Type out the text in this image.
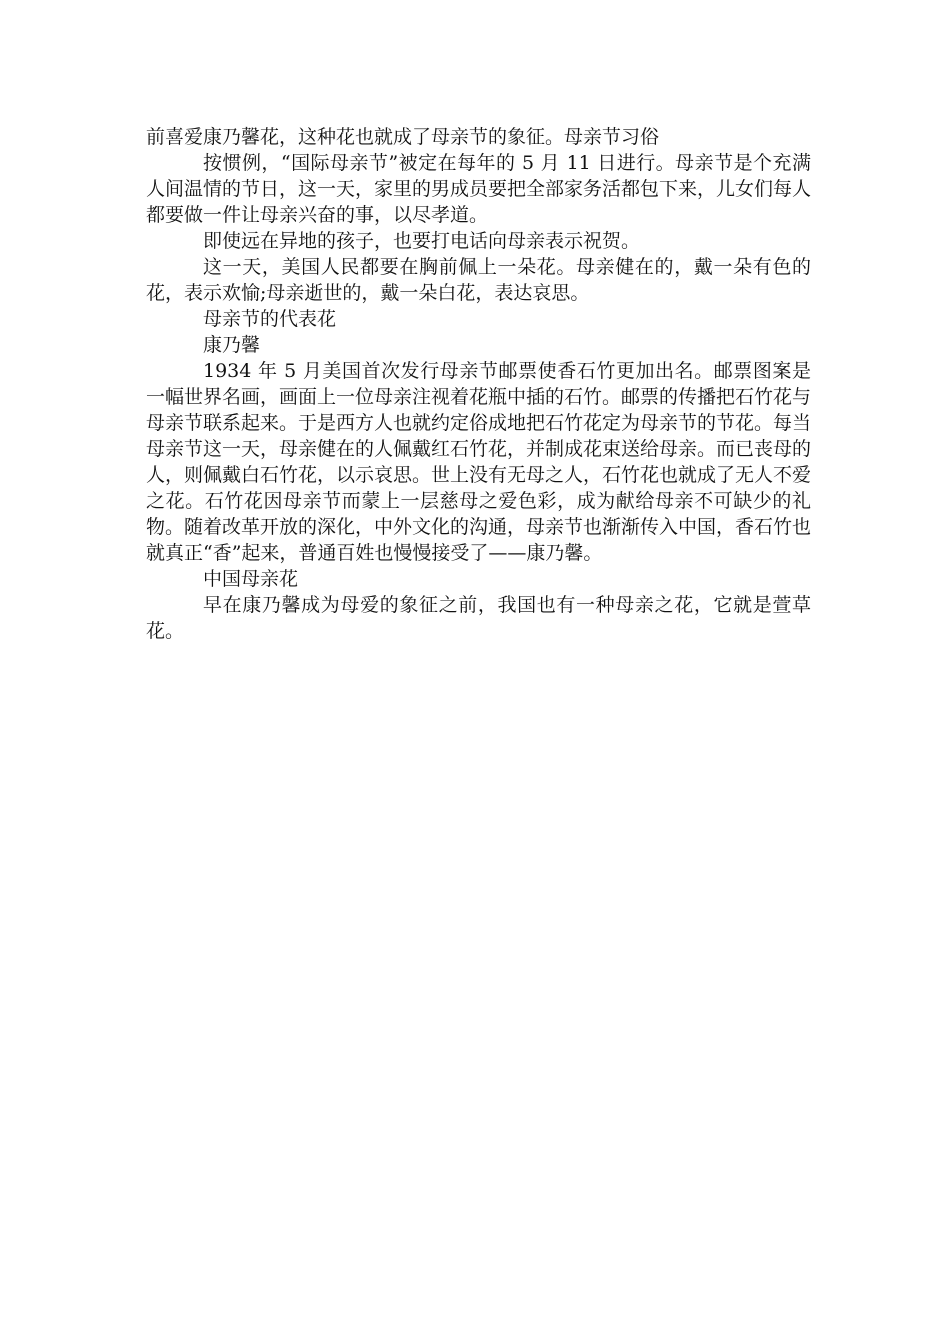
前喜爱康乃馨花，这种花也就成了母亲节的象征。母亲节习俗

按惯例，“国际母亲节”被定在每年的 5 月 11 日进行。母亲节是个充满人间温情的节日，这一天，家里的男成员要把全部家务活都包下来，儿女们每人都要做一件让母亲兴奋的事，以尽孝道。

即使远在异地的孩子，也要打电话向母亲表示祝贺。

这一天，美国人民都要在胸前佩上一朵花。母亲健在的，戴一朵有色的花，表示欢愉;母亲逝世的，戴一朵白花，表达哀思。

母亲节的代表花

康乃馨

1934 年 5 月美国首次发行母亲节邮票使香石竹更加出名。邮票图案是一幅世界名画，画面上一位母亲注视着花瓶中插的石竹。邮票的传播把石竹花与母亲节联系起来。于是西方人也就约定俗成地把石竹花定为母亲节的节花。每当母亲节这一天，母亲健在的人佩戴红石竹花，并制成花束送给母亲。而已丧母的人，则佩戴白石竹花，以示哀思。世上没有无母之人，石竹花也就成了无人不爱之花。石竹花因母亲节而蒙上一层慈母之爱色彩，成为献给母亲不可缺少的礼物。随着改革开放的深化，中外文化的沟通，母亲节也渐渐传入中国，香石竹也就真正“香”起来，普通百姓也慢慢接受了——康乃馨。

中国母亲花

早在康乃馨成为母爱的象征之前，我国也有一种母亲之花，它就是萱草花。
